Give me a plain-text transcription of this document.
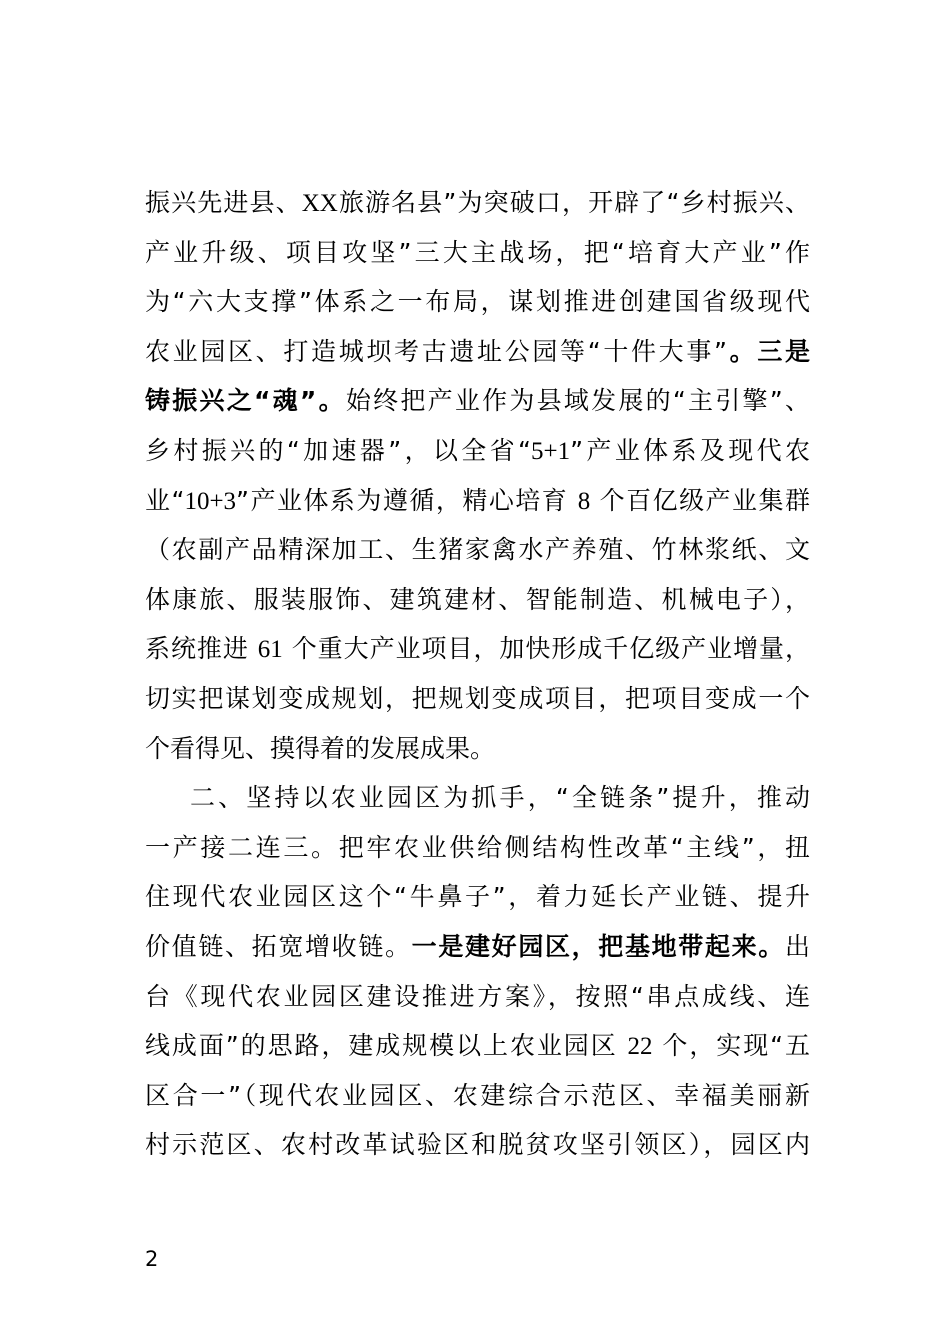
振兴先进县、XX旅游名县”为突破口，开辟了“乡村振兴、
产业升级、项目攻坚”三大主战场，把“培育大产业”作
为“六大支撑”体系之一布局，谋划推进创建国省级现代
农业园区、打造城坝考古遗址公园等“十件大事”。三是
铸振兴之“魂”。始终把产业作为县域发展的“主引擎”、
乡村振兴的“加速器”，以全省“5+1”产业体系及现代农
业“10+3”产业体系为遵循，精心培育 8 个百亿级产业集群
（农副产品精深加工、生猪家禽水产养殖、竹林浆纸、文
体康旅、服装服饰、建筑建材、智能制造、机械电子），
系统推进 61 个重大产业项目，加快形成千亿级产业增量，
切实把谋划变成规划，把规划变成项目，把项目变成一个
个看得见、摸得着的发展成果。
二、坚持以农业园区为抓手，“全链条”提升，推动
一产接二连三。把牢农业供给侧结构性改革“主线”，扭
住现代农业园区这个“牛鼻子”，着力延长产业链、提升
价值链、拓宽增收链。一是建好园区，把基地带起来。出
台《现代农业园区建设推进方案》，按照“串点成线、连
线成面”的思路，建成规模以上农业园区 22 个，实现“五
区合一”（现代农业园区、农建综合示范区、幸福美丽新
村示范区、农村改革试验区和脱贫攻坚引领区），园区内
2
